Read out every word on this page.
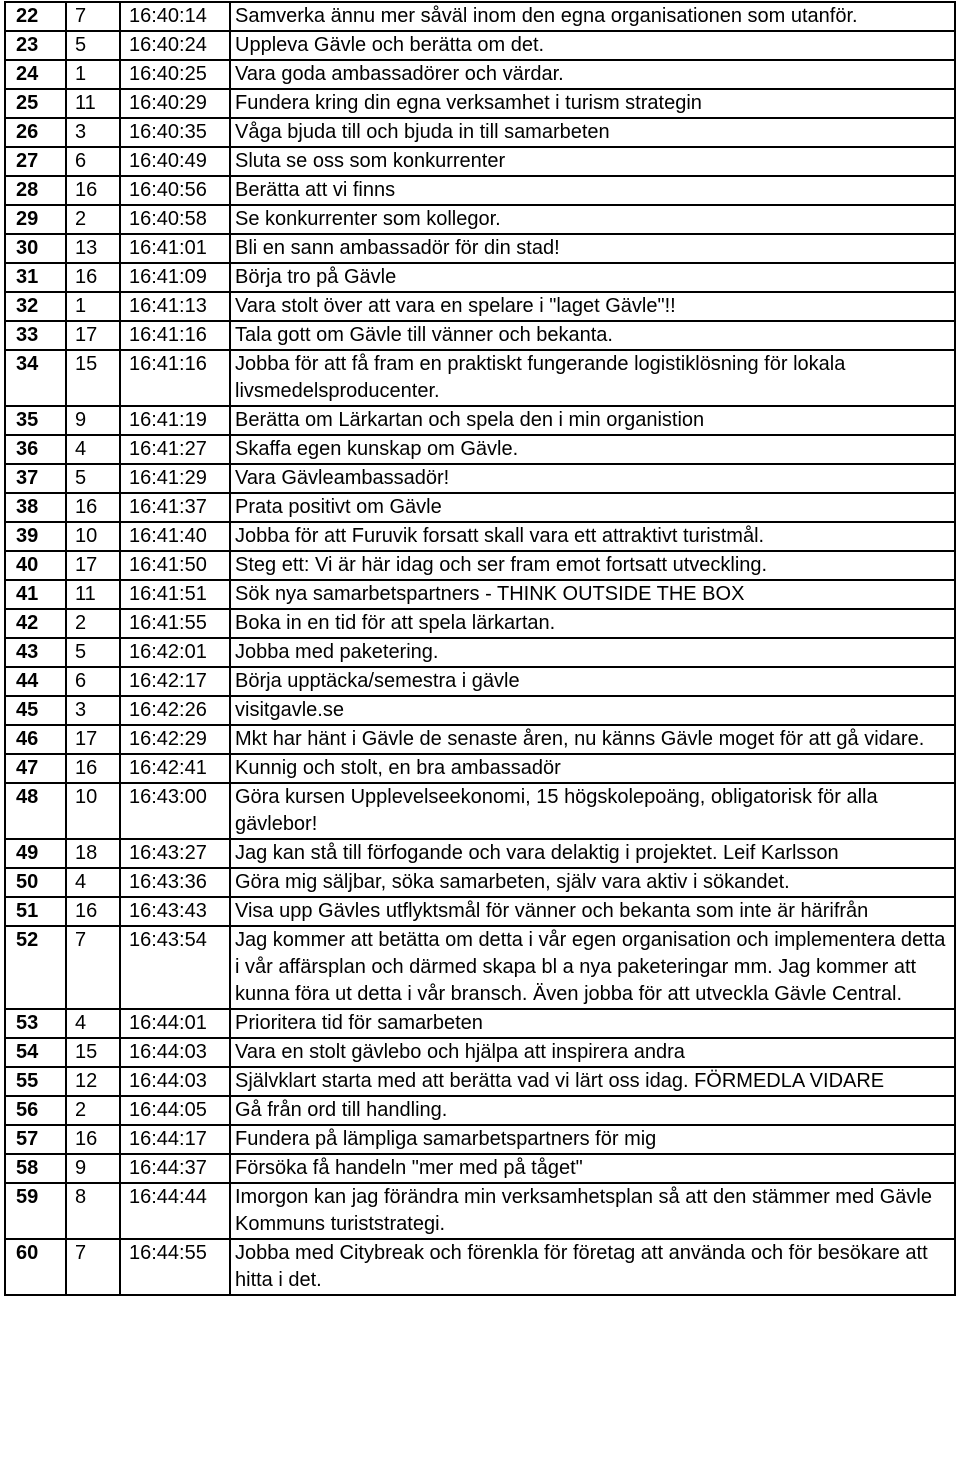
22	7	16:40:14	Samverka ännu mer såväl inom den egna organisationen som utanför.
23	5	16:40:24	Uppleva Gävle och berätta om det.
24	1	16:40:25	Vara goda ambassadörer och värdar.
25	11	16:40:29	Fundera kring din egna verksamhet i turism strategin
26	3	16:40:35	Våga bjuda till och bjuda in till samarbeten
27	6	16:40:49	Sluta se oss som konkurrenter
28	16	16:40:56	Berätta att vi finns
29	2	16:40:58	Se konkurrenter som kollegor.
30	13	16:41:01	Bli en sann ambassadör för din stad!
31	16	16:41:09	Börja tro på Gävle
32	1	16:41:13	Vara stolt över att vara en spelare i "laget Gävle"!!
33	17	16:41:16	Tala gott om Gävle till vänner och bekanta.
34	15	16:41:16	Jobba för att få fram en praktiskt fungerande logistiklösning för lokala livsmedelsproducenter.
35	9	16:41:19	Berätta om Lärkartan och spela den i min organistion
36	4	16:41:27	Skaffa egen kunskap om Gävle.
37	5	16:41:29	Vara Gävleambassadör!
38	16	16:41:37	Prata positivt om Gävle
39	10	16:41:40	Jobba för att Furuvik forsatt skall vara ett attraktivt turistmål.
40	17	16:41:50	Steg ett: Vi är här idag och ser fram emot fortsatt utveckling.
41	11	16:41:51	Sök nya samarbetspartners - THINK OUTSIDE THE BOX
42	2	16:41:55	Boka in en tid för att spela lärkartan.
43	5	16:42:01	Jobba med paketering.
44	6	16:42:17	Börja upptäcka/semestra i gävle
45	3	16:42:26	visitgavle.se
46	17	16:42:29	Mkt har hänt i Gävle de senaste åren, nu känns Gävle moget för att gå vidare.
47	16	16:42:41	Kunnig och stolt, en bra ambassadör
48	10	16:43:00	Göra kursen Upplevelseekonomi, 15 högskolepoäng, obligatorisk för alla gävlebor!
49	18	16:43:27	Jag kan stå till förfogande och vara delaktig i projektet. Leif Karlsson
50	4	16:43:36	Göra mig säljbar, söka samarbeten, själv vara aktiv i sökandet.
51	16	16:43:43	Visa upp Gävles utflyktsmål för vänner och bekanta som inte är härifrån
52	7	16:43:54	Jag kommer att betätta om detta i vår egen organisation och implementera detta i vår affärsplan och därmed skapa bl a nya paketeringar mm. Jag kommer att kunna föra ut detta i vår bransch. Även jobba för att utveckla Gävle Central.
53	4	16:44:01	Prioritera tid för samarbeten
54	15	16:44:03	Vara en stolt gävlebo och hjälpa att inspirera andra
55	12	16:44:03	Självklart starta med att berätta vad vi lärt oss idag. FÖRMEDLA VIDARE
56	2	16:44:05	Gå från ord till handling.
57	16	16:44:17	Fundera på lämpliga samarbetspartners för mig
58	9	16:44:37	Försöka få handeln "mer med på tåget"
59	8	16:44:44	Imorgon kan jag förändra min verksamhetsplan så att den stämmer med Gävle Kommuns turiststrategi.
60	7	16:44:55	Jobba med Citybreak och förenkla för företag att använda och för besökare att hitta i det.
